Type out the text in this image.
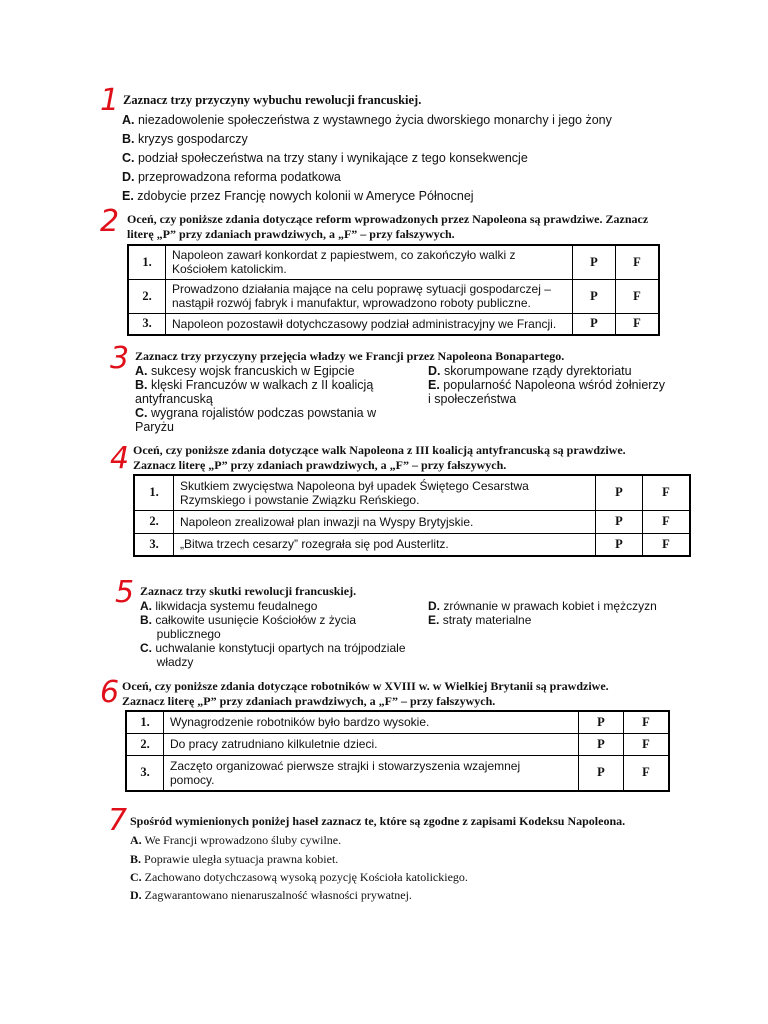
1 Zaznacz trzy przyczyny wybuchu rewolucji francuskiej.
A. niezadowolenie społeczeństwa z wystawnego życia dworskiego monarchy i jego żony
B. kryzys gospodarczy
C. podział społeczeństwa na trzy stany i wynikające z tego konsekwencje
D. przeprowadzona reforma podatkowa
E. zdobycie przez Francję nowych kolonii w Ameryce Północnej
2 Oceń, czy poniższe zdania dotyczące reform wprowadzonych przez Napoleona są prawdziwe. Zaznacz
literę „P” przy zdaniach prawdziwych, a „F” – przy fałszywych.
1.	Napoleon zawarł konkordat z papiestwem, co zakończyło walki z
Kościołem katolickim.	P	F
2.	Prowadzono działania mające na celu poprawę sytuacji gospodarczej –
nastąpił rozwój fabryk i manufaktur, wprowadzono roboty publiczne.	P	F
3.	Napoleon pozostawił dotychczasowy podział administracyjny we Francji.	P	F
3 Zaznacz trzy przyczyny przejęcia władzy we Francji przez Napoleona Bonapartego.
A. sukcesy wojsk francuskich w Egipcie
B. klęski Francuzów w walkach z II koalicją
antyfrancuską
C. wygrana rojalistów podczas powstania w
Paryżu
D. skorumpowane rządy dyrektoriatu
E. popularność Napoleona wśród żołnierzy
i społeczeństwa
4 Oceń, czy poniższe zdania dotyczące walk Napoleona z III koalicją antyfrancuską są prawdziwe.
Zaznacz literę „P” przy zdaniach prawdziwych, a „F” – przy fałszywych.
1.	Skutkiem zwycięstwa Napoleona był upadek Świętego Cesarstwa
Rzymskiego i powstanie Związku Reńskiego.	P	F
2.	Napoleon zrealizował plan inwazji na Wyspy Brytyjskie.	P	F
3.	„Bitwa trzech cesarzy” rozegrała się pod Austerlitz.	P	F
5 Zaznacz trzy skutki rewolucji francuskiej.
A. likwidacja systemu feudalnego
B. całkowite usunięcie Kościołów z życia
publicznego
C. uchwalanie konstytucji opartych na trójpodziale
władzy
D. zrównanie w prawach kobiet i mężczyzn
E. straty materialne
6 Oceń, czy poniższe zdania dotyczące robotników w XVIII w. w Wielkiej Brytanii są prawdziwe.
Zaznacz literę „P” przy zdaniach prawdziwych, a „F” – przy fałszywych.
1.	Wynagrodzenie robotników było bardzo wysokie.	P	F
2.	Do pracy zatrudniano kilkuletnie dzieci.	P	F
3.	Zaczęto organizować pierwsze strajki i stowarzyszenia wzajemnej
pomocy.	P	F
7 Spośród wymienionych poniżej haseł zaznacz te, które są zgodne z zapisami Kodeksu Napoleona.
A. We Francji wprowadzono śluby cywilne.
B. Poprawie uległa sytuacja prawna kobiet.
C. Zachowano dotychczasową wysoką pozycję Kościoła katolickiego.
D. Zagwarantowano nienaruszalność własności prywatnej.
